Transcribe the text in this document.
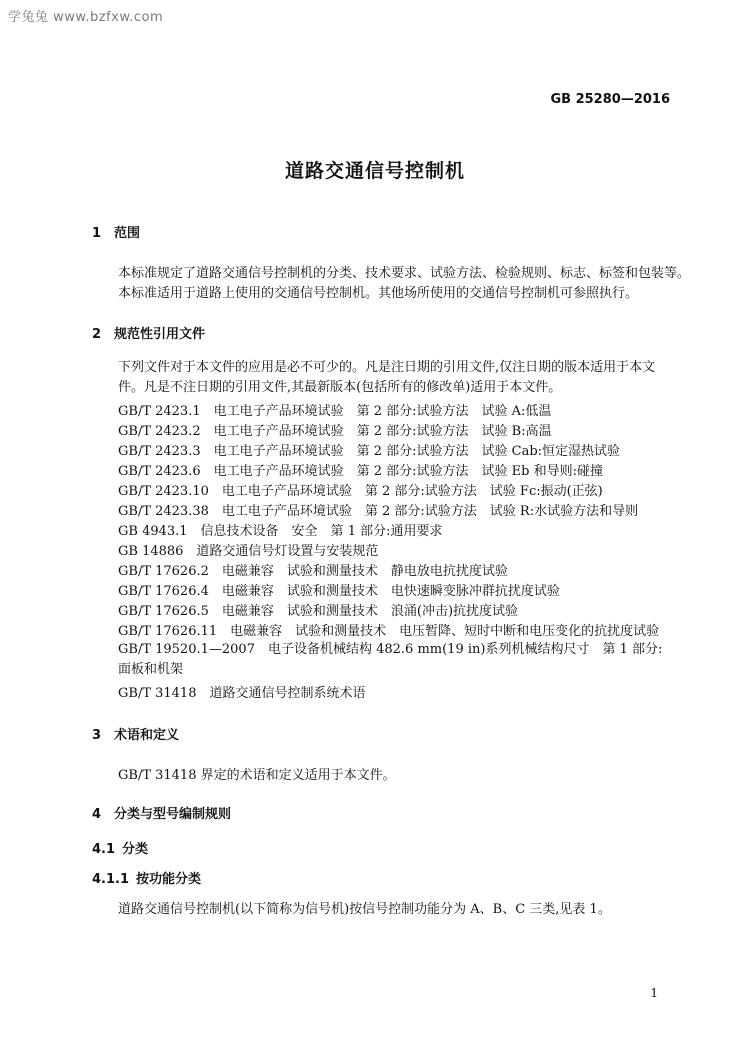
学兔兔 www.bzfxw.com
GB 25280—2016
道路交通信号控制机
1 范围
本标准规定了道路交通信号控制机的分类、技术要求、试验方法、检验规则、标志、标签和包装等。
本标准适用于道路上使用的交通信号控制机。其他场所使用的交通信号控制机可参照执行。
2 规范性引用文件
下列文件对于本文件的应用是必不可少的。凡是注日期的引用文件,仅注日期的版本适用于本文件。凡是不注日期的引用文件,其最新版本(包括所有的修改单)适用于本文件。
GB/T 2423.1　电工电子产品环境试验　第 2 部分:试验方法　试验 A:低温
GB/T 2423.2　电工电子产品环境试验　第 2 部分:试验方法　试验 B:高温
GB/T 2423.3　电工电子产品环境试验　第 2 部分:试验方法　试验 Cab:恒定湿热试验
GB/T 2423.6　电工电子产品环境试验　第 2 部分:试验方法　试验 Eb 和导则:碰撞
GB/T 2423.10　电工电子产品环境试验　第 2 部分:试验方法　试验 Fc:振动(正弦)
GB/T 2423.38　电工电子产品环境试验　第 2 部分:试验方法　试验 R:水试验方法和导则
GB 4943.1　信息技术设备　安全　第 1 部分:通用要求
GB 14886　道路交通信号灯设置与安装规范
GB/T 17626.2　电磁兼容　试验和测量技术　静电放电抗扰度试验
GB/T 17626.4　电磁兼容　试验和测量技术　电快速瞬变脉冲群抗扰度试验
GB/T 17626.5　电磁兼容　试验和测量技术　浪涌(冲击)抗扰度试验
GB/T 17626.11　电磁兼容　试验和测量技术　电压暂降、短时中断和电压变化的抗扰度试验
GB/T 19520.1—2007　电子设备机械结构 482.6 mm(19 in)系列机械结构尺寸　第 1 部分:面板和机架
GB/T 31418　道路交通信号控制系统术语
3 术语和定义
GB/T 31418 界定的术语和定义适用于本文件。
4 分类与型号编制规则
4.1 分类
4.1.1 按功能分类
道路交通信号控制机(以下简称为信号机)按信号控制功能分为 A、B、C 三类,见表 1。
1
